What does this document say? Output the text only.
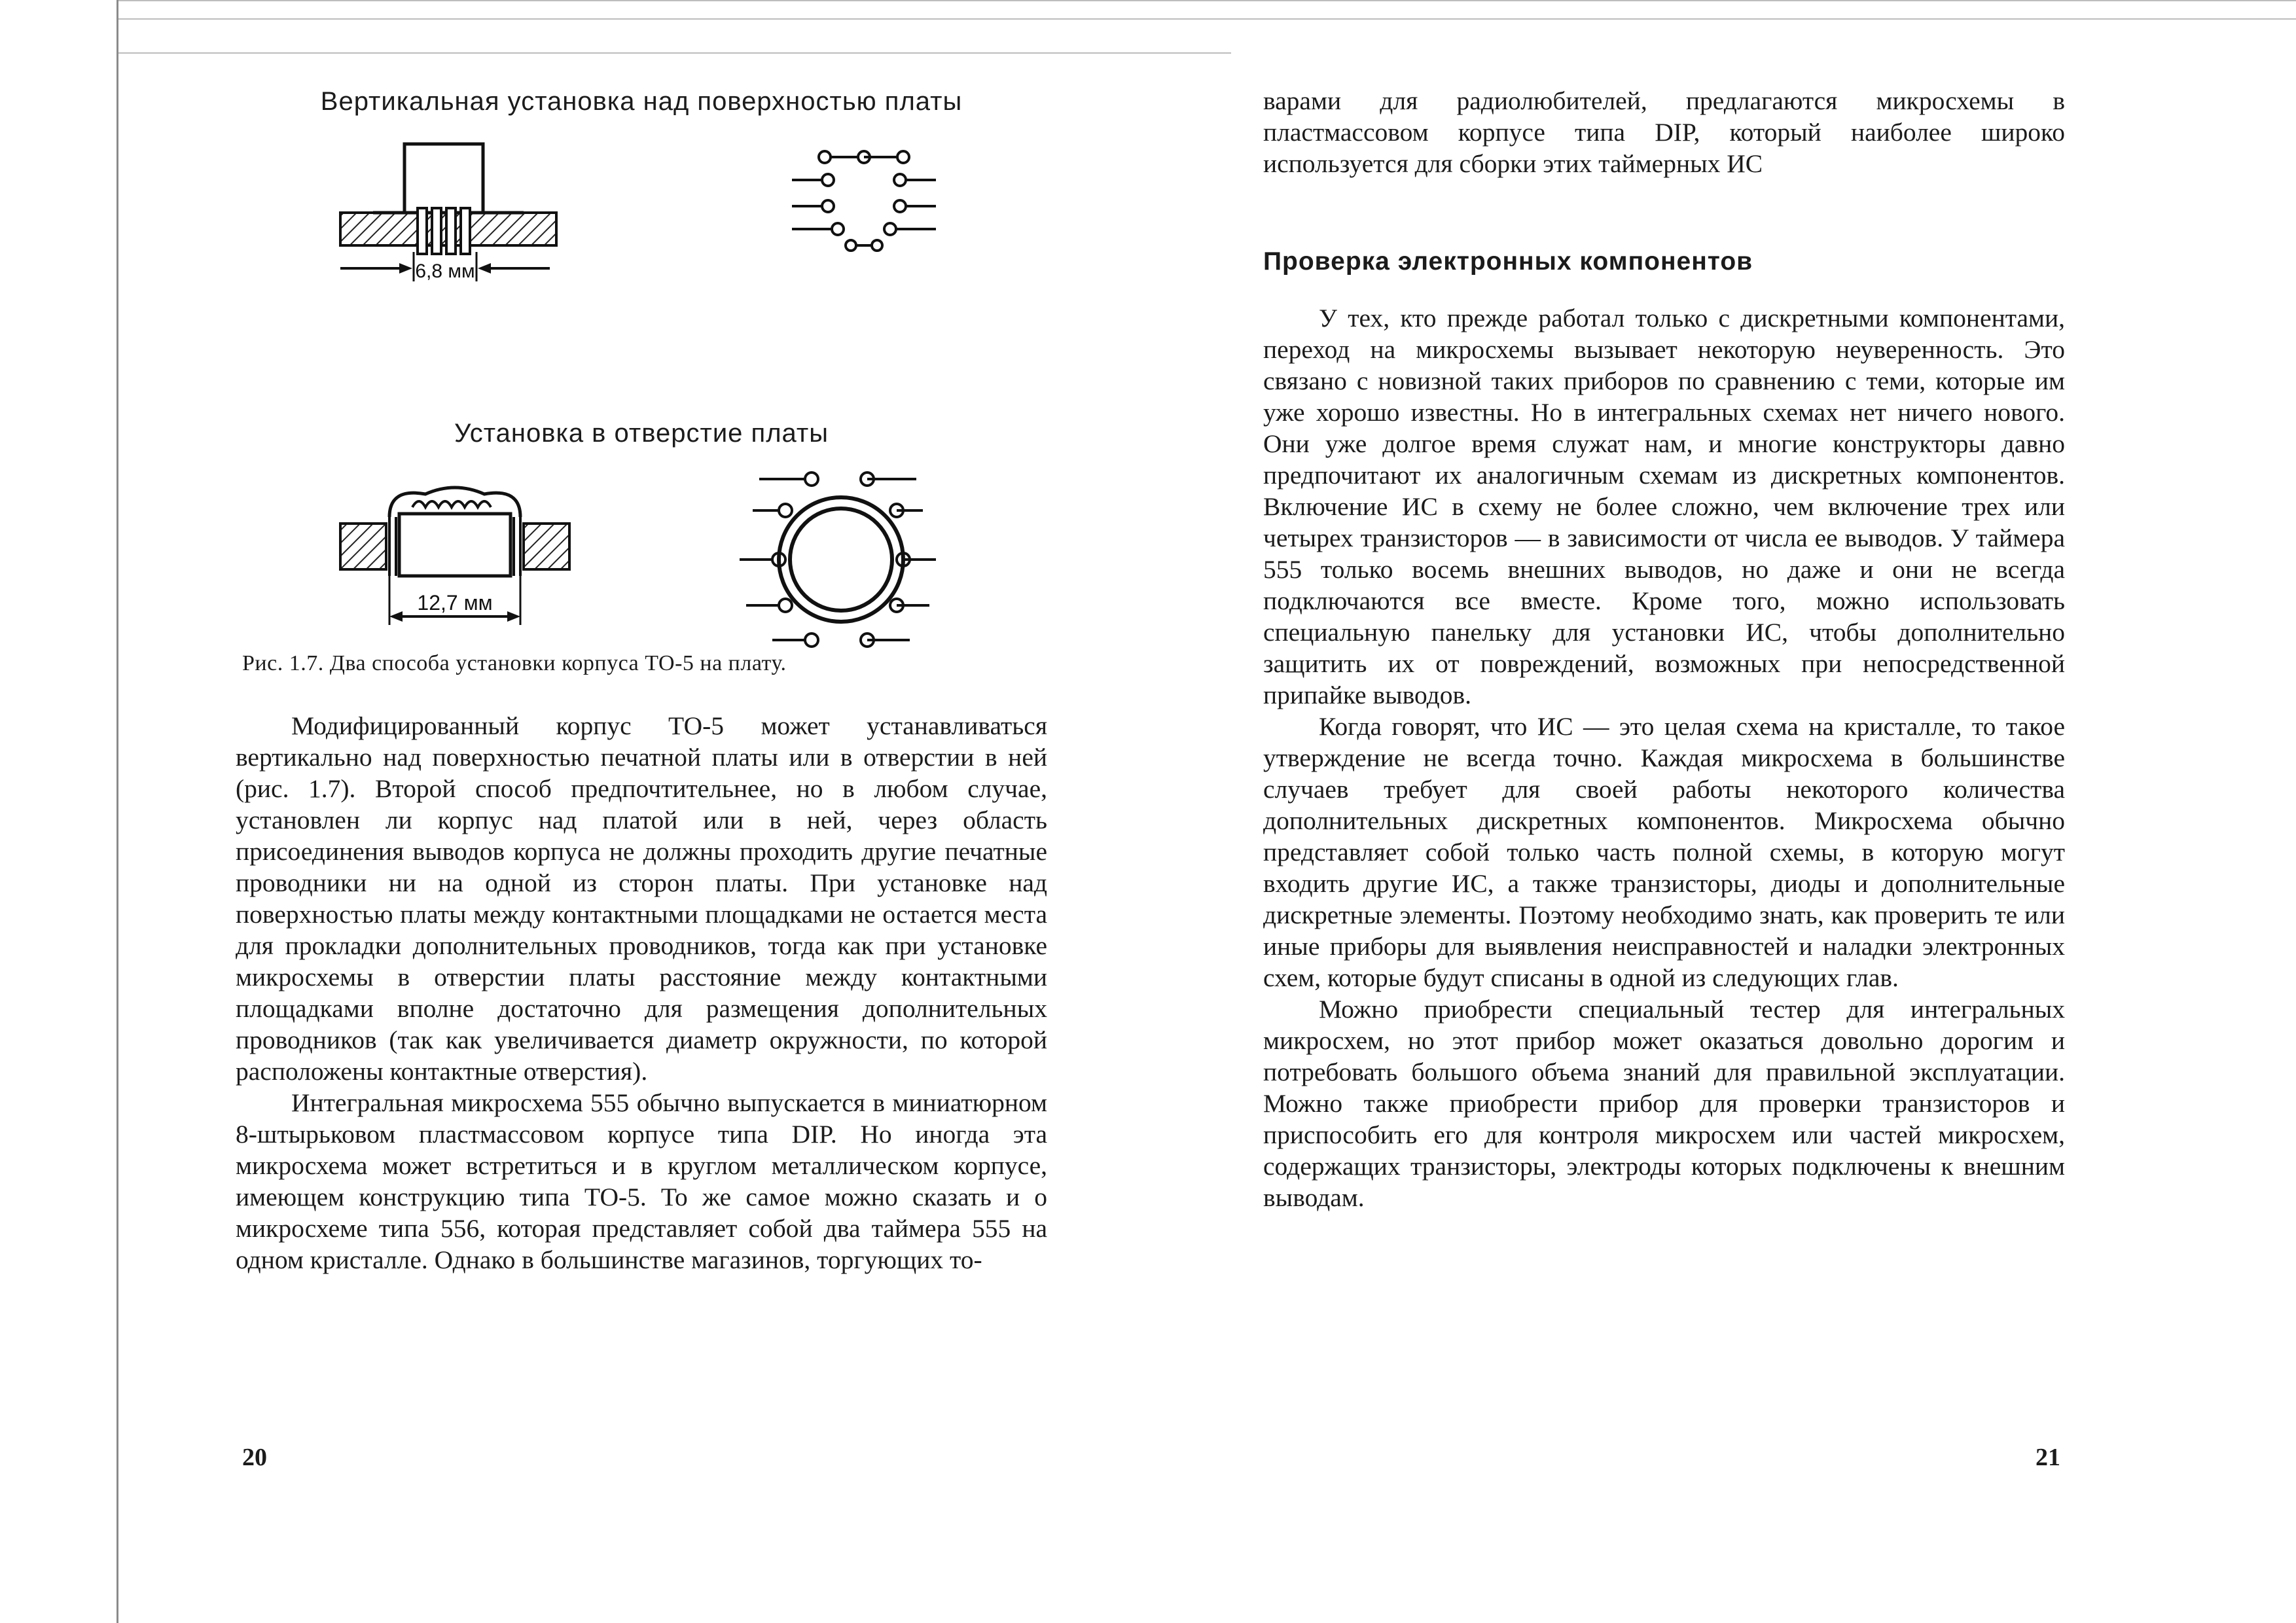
Вертикальная установка над поверхностью платы
6,8 мм
Установка в отверстие платы
12,7 мм
Рис. 1.7. Два способа установки корпуса ТО-5 на плату.

Модифицированный корпус ТО-5 может устанавливаться вертикально над поверхностью печатной платы или в отверстии в ней (рис. 1.7). Второй способ предпочтительнее, но в любом случае, установлен ли корпус над платой или в ней, через область присоединения выводов корпуса не должны проходить другие печатные проводники ни на одной из сторон платы. При установке над поверхностью платы между контактными площадками не остается места для прокладки дополнительных проводников, тогда как при установке микросхемы в отверстии платы расстояние между контактными площадками вполне достаточно для размещения дополнительных проводников (так как увеличивается диаметр окружности, по которой расположены контактные отверстия).

Интегральная микросхема 555 обычно выпускается в миниатюрном 8-штырьковом пластмассовом корпусе типа DIP. Но иногда эта микросхема может встретиться и в круглом металлическом корпусе, имеющем конструкцию типа ТО-5. То же самое можно сказать и о микросхеме типа 556, которая представляет собой два таймера 555 на одном кристалле. Однако в большинстве магазинов, торгующих то-

20

варами для радиолюбителей, предлагаются микросхемы в пластмассовом корпусе типа DIP, который наиболее широко используется для сборки этих таймерных ИС

Проверка электронных компонентов

У тех, кто прежде работал только с дискретными компонентами, переход на микросхемы вызывает некоторую неуверенность. Это связано с новизной таких приборов по сравнению с теми, которые им уже хорошо известны. Но в интегральных схемах нет ничего нового. Они уже долгое время служат нам, и многие конструкторы давно предпочитают их аналогичным схемам из дискретных компонентов. Включение ИС в схему не более сложно, чем включение трех или четырех транзисторов — в зависимости от числа ее выводов. У таймера 555 только восемь внешних выводов, но даже и они не всегда подключаются все вместе. Кроме того, можно использовать специальную панельку для установки ИС, чтобы дополнительно защитить их от повреждений, возможных при непосредственной припайке выводов.

Когда говорят, что ИС — это целая схема на кристалле, то такое утверждение не всегда точно. Каждая микросхема в большинстве случаев требует для своей работы некоторого количества дополнительных дискретных компонентов. Микросхема обычно представляет собой только часть полной схемы, в которую могут входить другие ИС, а также транзисторы, диоды и дополнительные дискретные элементы. Поэтому необходимо знать, как проверить те или иные приборы для выявления неисправностей и наладки электронных схем, которые будут списаны в одной из следующих глав.

Можно приобрести специальный тестер для интегральных микросхем, но этот прибор может оказаться довольно дорогим и потребовать большого объема знаний для правильной эксплуатации. Можно также приобрести прибор для проверки транзисторов и приспособить его для контроля микросхем или частей микросхем, содержащих транзисторы, электроды которых подключены к внешним выводам.

21
